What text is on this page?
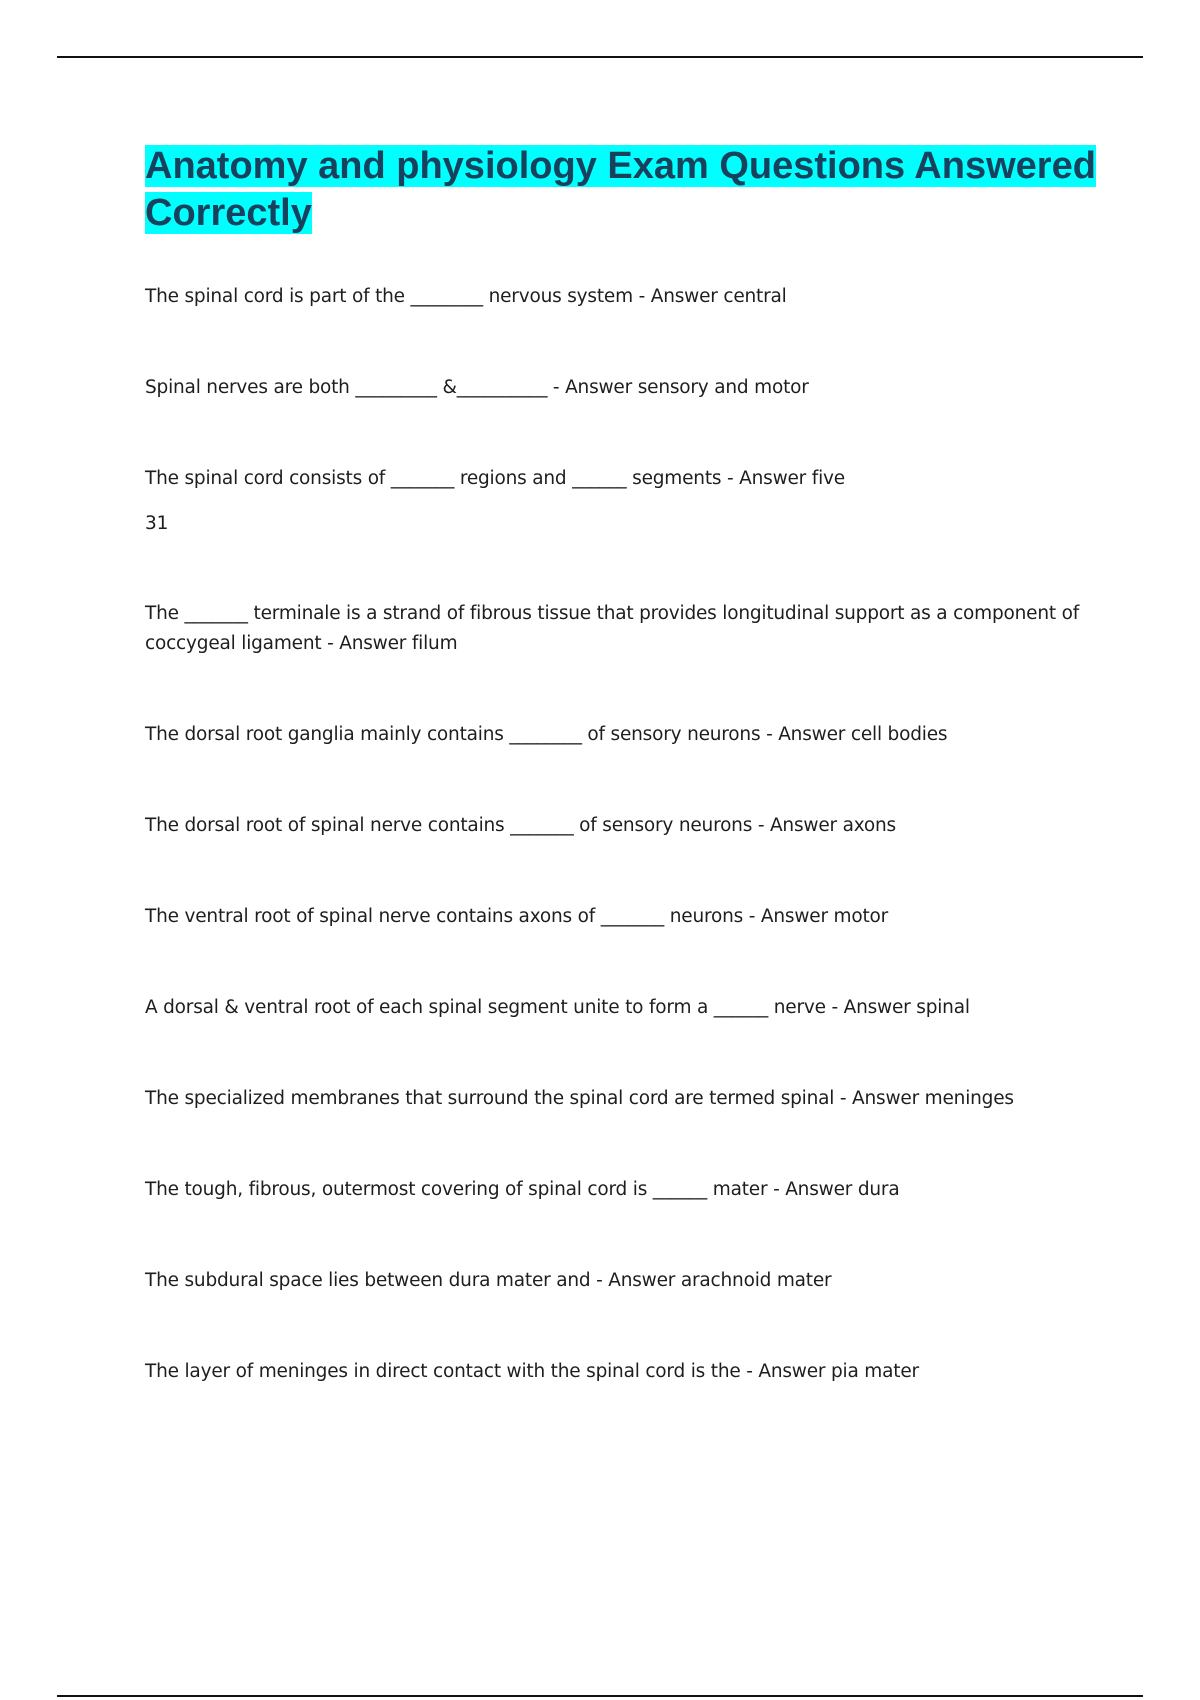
Anatomy and physiology Exam Questions Answered Correctly

The spinal cord is part of the ________ nervous system - Answer central

Spinal nerves are both _________ &__________ - Answer sensory and motor

The spinal cord consists of _______ regions and ______ segments - Answer five

31

The _______ terminale is a strand of fibrous tissue that provides longitudinal support as a component of coccygeal ligament - Answer filum

The dorsal root ganglia mainly contains ________ of sensory neurons - Answer cell bodies

The dorsal root of spinal nerve contains _______ of sensory neurons - Answer axons

The ventral root of spinal nerve contains axons of _______ neurons - Answer motor

A dorsal & ventral root of each spinal segment unite to form a ______ nerve - Answer spinal

The specialized membranes that surround the spinal cord are termed spinal - Answer meninges

The tough, fibrous, outermost covering of spinal cord is ______ mater - Answer dura

The subdural space lies between dura mater and - Answer arachnoid mater

The layer of meninges in direct contact with the spinal cord is the - Answer pia mater
